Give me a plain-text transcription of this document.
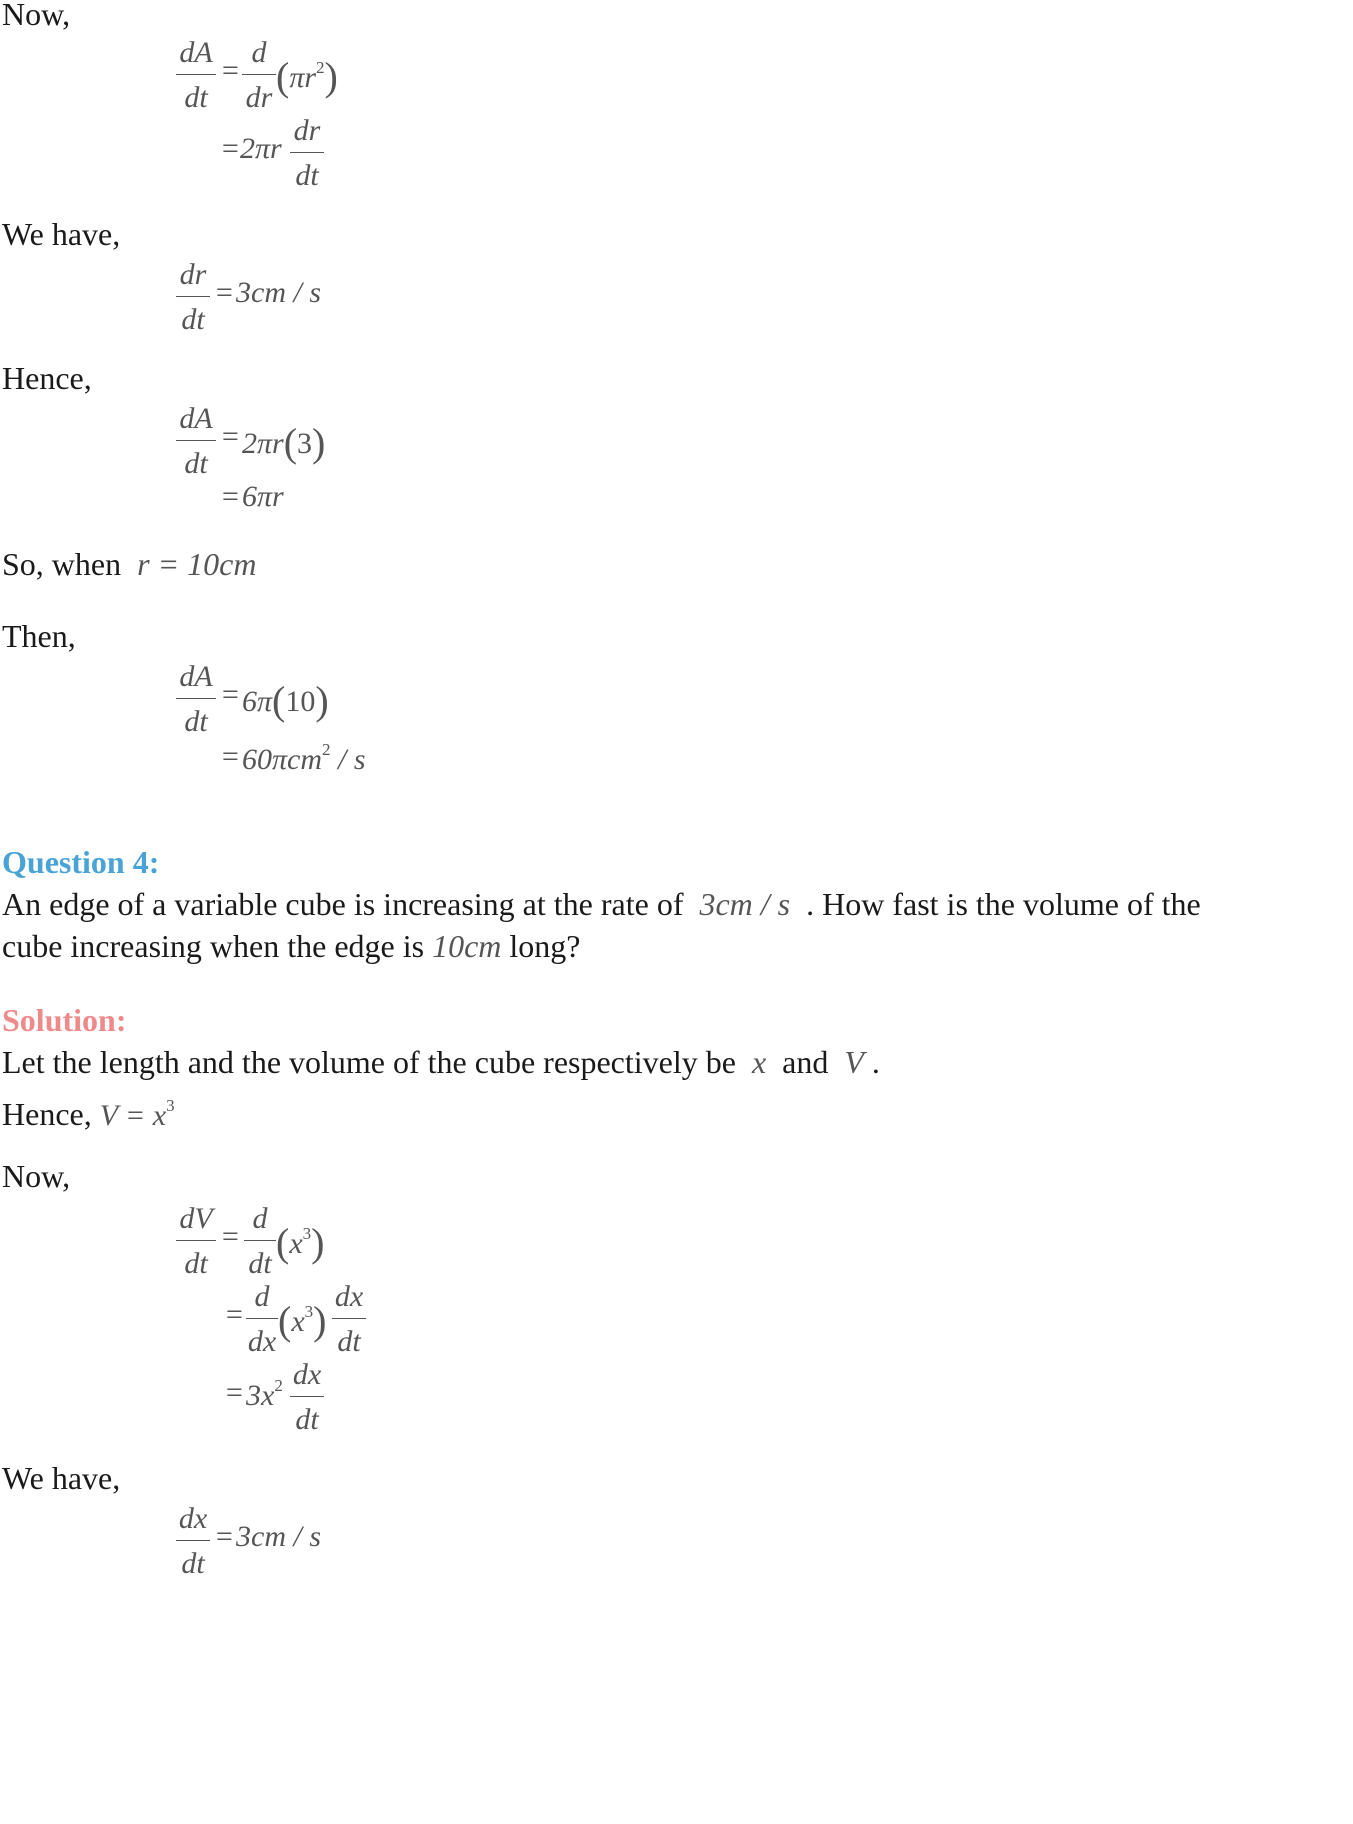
Now,
dA
dt
=
d
dr $(\pi r^2)$
= 2πr
dr
dt
We have,
dr
dt
= 3cm / s
Hence,
dA
dt
= 2πr(3)
= 6πr
So, when r = 10cm
Then,
dA
dt
= 6π(10)
= 60πcm$^2$ / s
Question 4:
An edge of a variable cube is increasing at the rate of 3cm / s . How fast is the volume of the
cube increasing when the edge is 10cm long?
Solution:
Let the length and the volume of the cube respectively be x and V .
Hence, $V = x^3$
Now,
dV
dt
=
d
dt $(x^3)$
=
d
dx $(x^3)$
dx
dt
= $3x^2$ dx
dt
We have,
dx
dt
= 3cm / s
